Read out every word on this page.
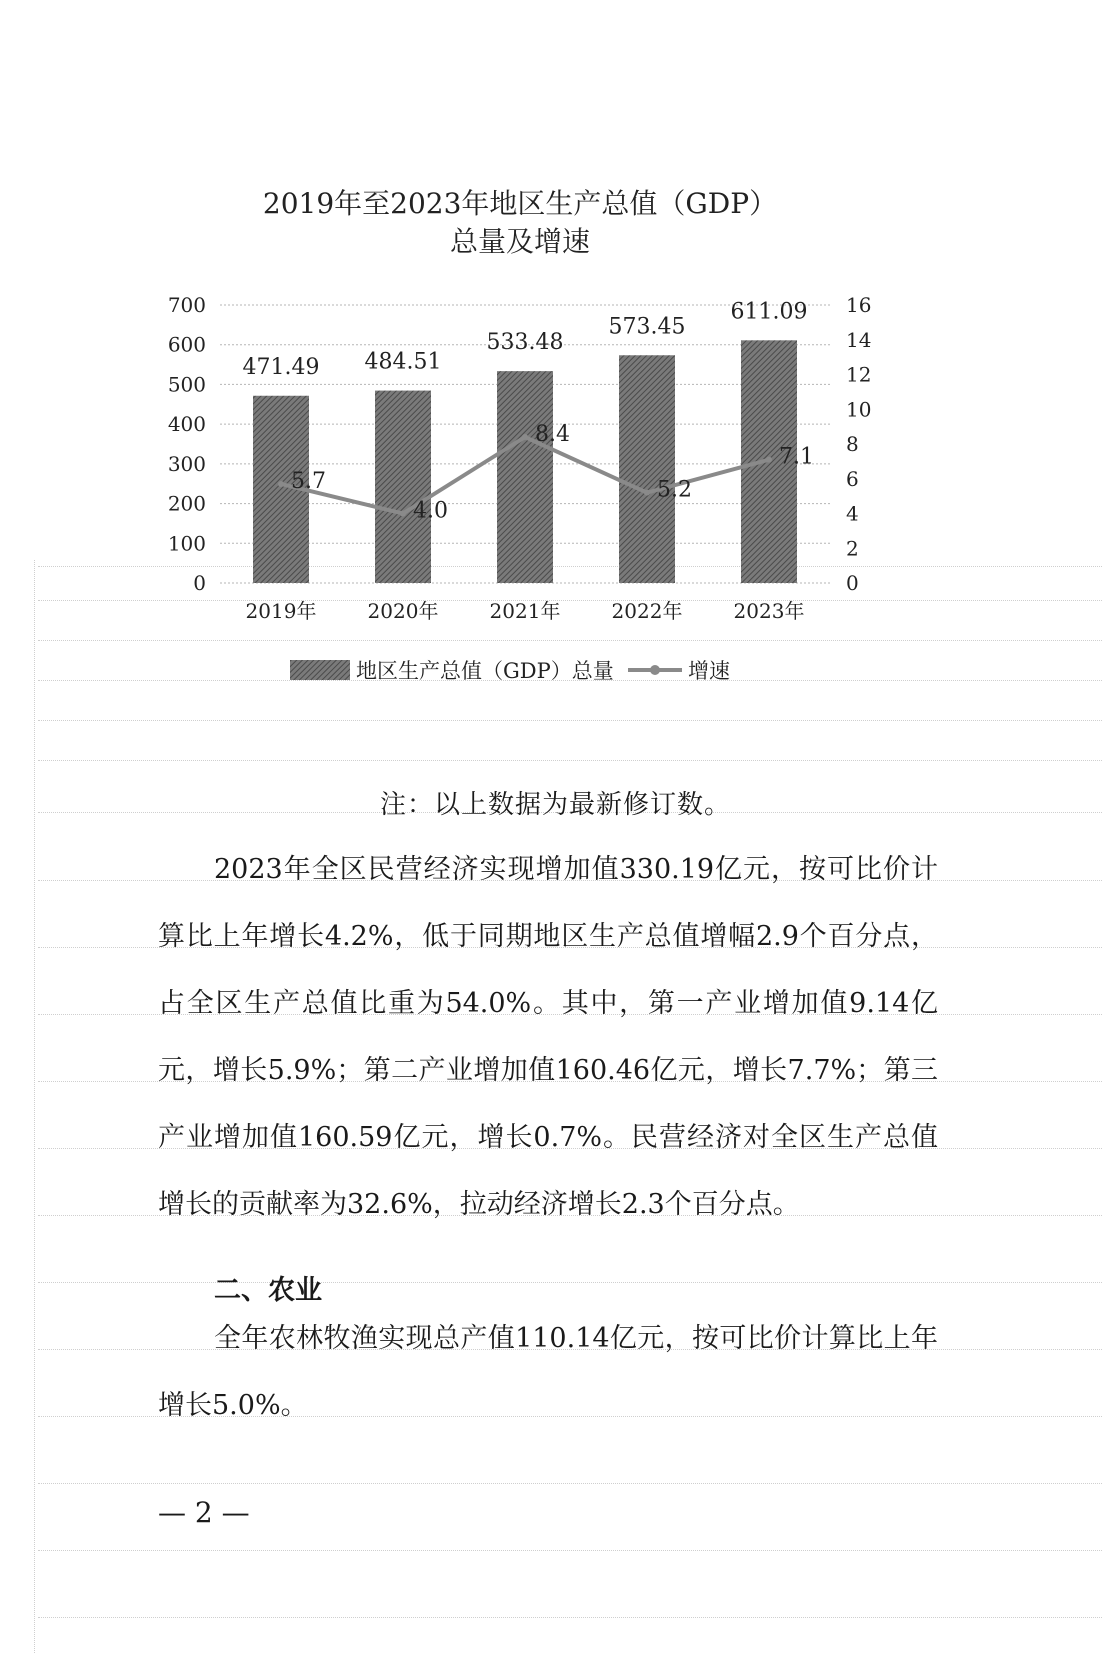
2019年至2023年地区生产总值（GDP）
总量及增速
471.49 484.51
533.48
573.45
611.09
5.7
4.0
8.4
5.2
7.1
0
100
200
300
400
500
600
700
0
2
4
6
8
10
12
14
16
2019年	2020年	2021年	2022年	2023年
地区生产总值（GDP）总量	增速
注：以上数据为最新修订数。

2023年全区民营经济实现增加值330.19亿元，按可比价计算比上年增长4.2%，低于同期地区生产总值增幅2.9个百分点，占全区生产总值比重为54.0%。其中，第一产业增加值9.14亿元，增长5.9%；第二产业增加值160.46亿元，增长7.7%；第三产业增加值160.59亿元，增长0.7%。民营经济对全区生产总值增长的贡献率为32.6%，拉动经济增长2.3个百分点。

二、农业

全年农林牧渔实现总产值110.14亿元，按可比价计算比上年增长5.0%。

— 2 —
